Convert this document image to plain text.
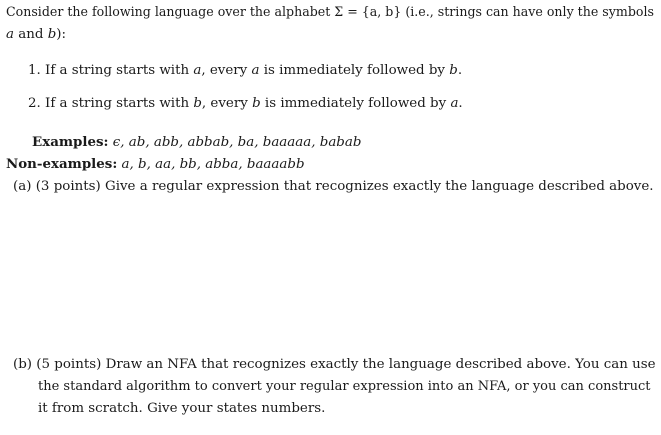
Consider the following language over the alphabet Σ = {a, b} (i.e., strings can have only the symbols
a and b):
1. If a string starts with a, every a is immediately followed by b.
2. If a string starts with b, every b is immediately followed by a.
Examples: ϵ, ab, abb, abbab, ba, baaaaa, babab
Non-examples: a, b, aa, bb, abba, baaaabb
(a) (3 points) Give a regular expression that recognizes exactly the language described above.
(b) (5 points) Draw an NFA that recognizes exactly the language described above. You can use
the standard algorithm to convert your regular expression into an NFA, or you can construct
it from scratch. Give your states numbers.
